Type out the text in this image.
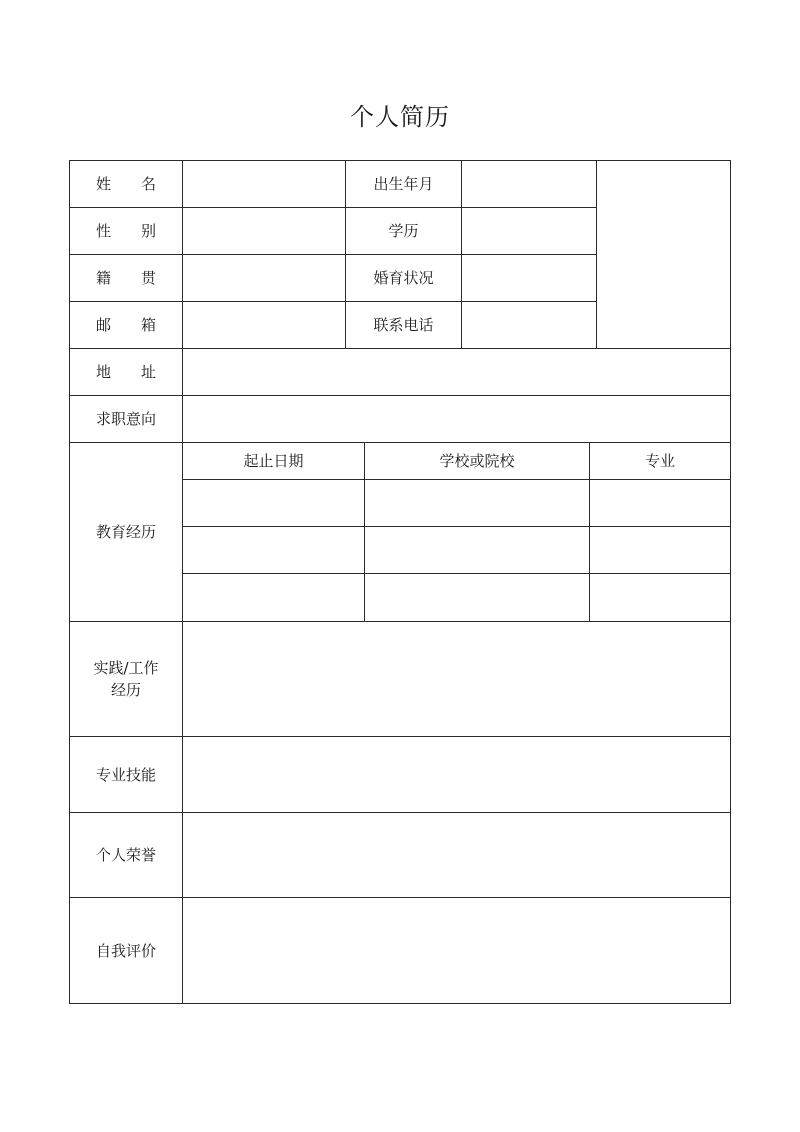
个人简历
姓　　名
性　　别
籍　　贯
邮　　箱
出生年月
学历
婚育状况
联系电话
地　　址
求职意向
教育经历
实践/工作
经历
专业技能
个人荣誉
自我评价
起止日期	学校或院校	专业
